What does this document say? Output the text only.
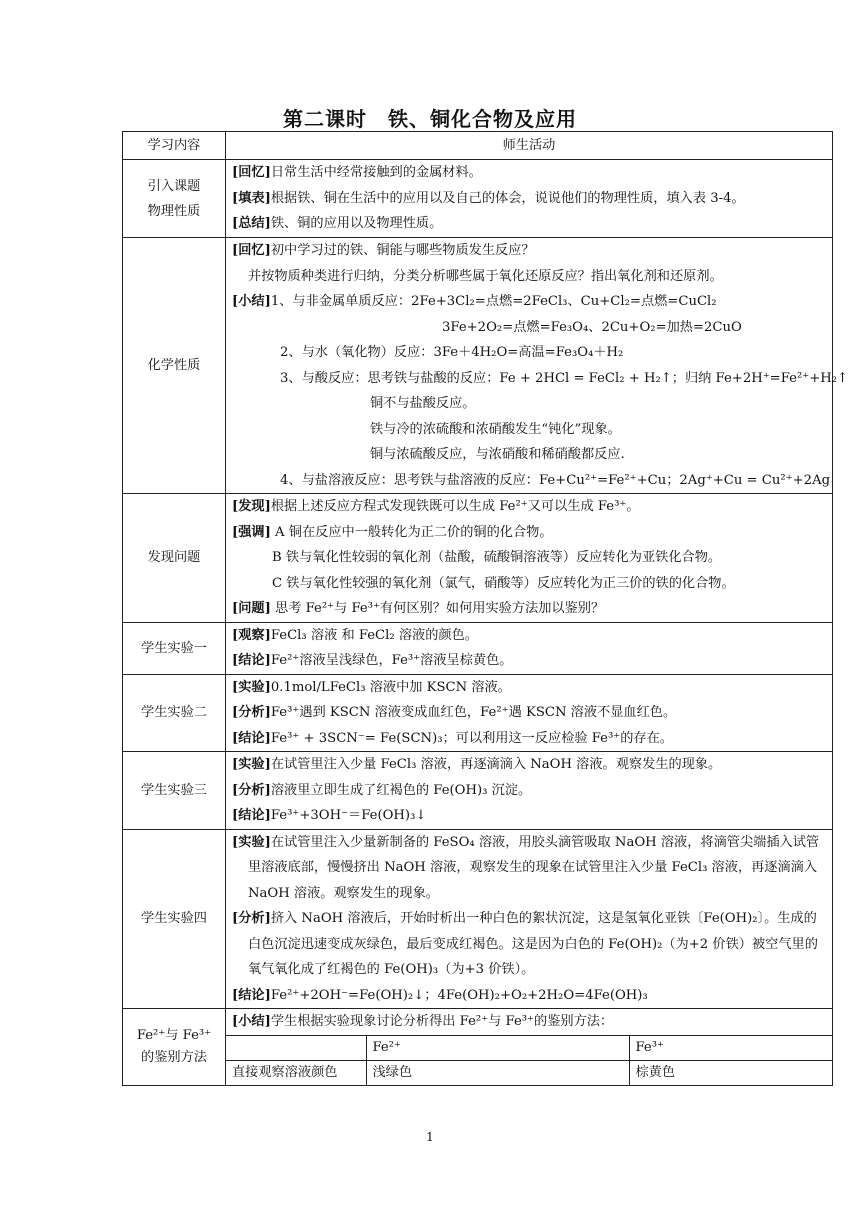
第二课时　铁、铜化合物及应用
学习内容	师生活动
引入课题
物理性质	
[回忆]日常生活中经常接触到的金属材料。
[填表]根据铁、铜在生活中的应用以及自己的体会，说说他们的物理性质，填入表 3-4。
[总结]铁、铜的应用以及物理性质。

化学性质	
[回忆]初中学习过的铁、铜能与哪些物质发生反应？
并按物质种类进行归纳，分类分析哪些属于氧化还原反应？指出氧化剂和还原剂。
[小结]1、与非金属单质反应：2Fe+3Cl₂=点燃=2FeCl₃、Cu+Cl₂=点燃=CuCl₂
3Fe+2O₂=点燃=Fe₃O₄、2Cu+O₂=加热=2CuO
2、与水（氧化物）反应：3Fe＋4H₂O=高温=Fe₃O₄＋H₂
3、与酸反应：思考铁与盐酸的反应：Fe + 2HCl = FeCl₂ + H₂↑；归纳 Fe+2H⁺=Fe²⁺+H₂↑
铜不与盐酸反应。
铁与冷的浓硫酸和浓硝酸发生“钝化”现象。
铜与浓硫酸反应，与浓硝酸和稀硝酸都反应.
4、与盐溶液反应：思考铁与盐溶液的反应：Fe+Cu²⁺=Fe²⁺+Cu；2Ag⁺+Cu = Cu²⁺+2Ag

发现问题	
[发现]根据上述反应方程式发现铁既可以生成 Fe²⁺又可以生成 Fe³⁺。
[强调] A 铜在反应中一般转化为正二价的铜的化合物。
B 铁与氧化性较弱的氧化剂（盐酸，硫酸铜溶液等）反应转化为亚铁化合物。
C 铁与氧化性较强的氧化剂（氯气，硝酸等）反应转化为正三价的铁的化合物。
[问题] 思考 Fe²⁺与 Fe³⁺有何区别？如何用实验方法加以鉴别？

学生实验一	
[观察]FeCl₃ 溶液 和 FeCl₂ 溶液的颜色。
[结论]Fe²⁺溶液呈浅绿色，Fe³⁺溶液呈棕黄色。

学生实验二	
[实验]0.1mol/LFeCl₃ 溶液中加 KSCN 溶液。
[分析]Fe³⁺遇到 KSCN 溶液变成血红色，Fe²⁺遇 KSCN 溶液不显血红色。
[结论]Fe³⁺ + 3SCN⁻= Fe(SCN)₃；可以利用这一反应检验 Fe³⁺的存在。

学生实验三	
[实验]在试管里注入少量 FeCl₃ 溶液，再逐滴滴入 NaOH 溶液。观察发生的现象。
[分析]溶液里立即生成了红褐色的 Fe(OH)₃ 沉淀。
[结论]Fe³⁺+3OH⁻＝Fe(OH)₃↓

学生实验四	
[实验]在试管里注入少量新制备的 FeSO₄ 溶液，用胶头滴管吸取 NaOH 溶液，将滴管尖端插入试管里溶液底部，慢慢挤出 NaOH 溶液，观察发生的现象在试管里注入少量 FeCl₃ 溶液，再逐滴滴入 NaOH 溶液。观察发生的现象。
[分析]挤入 NaOH 溶液后，开始时析出一种白色的絮状沉淀，这是氢氧化亚铁〔Fe(OH)₂〕。生成的白色沉淀迅速变成灰绿色，最后变成红褐色。这是因为白色的 Fe(OH)₂（为+2 价铁）被空气里的氧气氧化成了红褐色的 Fe(OH)₃（为+3 价铁）。
[结论]Fe²⁺+2OH⁻=Fe(OH)₂↓；4Fe(OH)₂+O₂+2H₂O=4Fe(OH)₃

Fe²⁺与 Fe³⁺
的鉴别方法	
[小结]学生根据实验现象讨论分析得出 Fe²⁺与 Fe³⁺的鉴别方法：
	Fe²⁺	Fe³⁺
直接观察溶液颜色	浅绿色	棕黄色
1
